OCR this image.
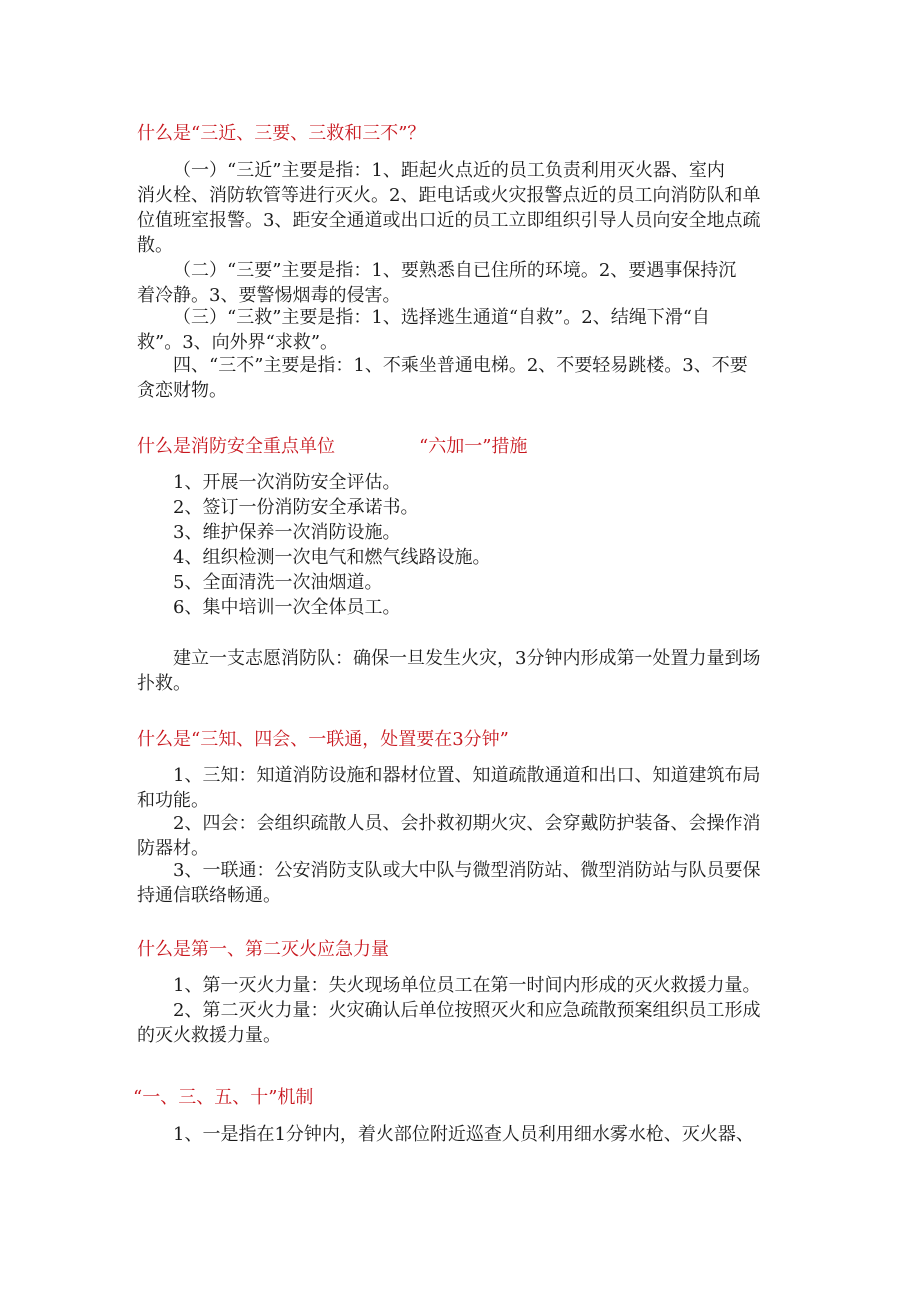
什么是“三近、三要、三救和三不”？
（一）“三近”主要是指：1、距起火点近的员工负责利用灭火器、室内
消火栓、消防软管等进行灭火。2、距电话或火灾报警点近的员工向消防队和单
位值班室报警。3、距安全通道或出口近的员工立即组织引导人员向安全地点疏
散。
（二）“三要”主要是指：1、要熟悉自已住所的环境。2、要遇事保持沉
着冷静。3、要警惕烟毒的侵害。
（三）“三救”主要是指：1、选择逃生通道“自救”。2、结绳下滑“自
救”。3、向外界“求救”。
四、“三不”主要是指：1、不乘坐普通电梯。2、不要轻易跳楼。3、不要
贪恋财物。
什么是消防安全重点单位	“六加一”措施
1、开展一次消防安全评估。
2、签订一份消防安全承诺书。
3、维护保养一次消防设施。
4、组织检测一次电气和燃气线路设施。
5、全面清洗一次油烟道。
6、集中培训一次全体员工。
建立一支志愿消防队：确保一旦发生火灾，3分钟内形成第一处置力量到场
扑救。
什么是“三知、四会、一联通，处置要在3分钟”
1、三知：知道消防设施和器材位置、知道疏散通道和出口、知道建筑布局
和功能。
2、四会：会组织疏散人员、会扑救初期火灾、会穿戴防护装备、会操作消
防器材。
3、一联通：公安消防支队或大中队与微型消防站、微型消防站与队员要保
持通信联络畅通。
什么是第一、第二灭火应急力量
1、第一灭火力量：失火现场单位员工在第一时间内形成的灭火救援力量。
2、第二灭火力量：火灾确认后单位按照灭火和应急疏散预案组织员工形成
的灭火救援力量。
“一、三、五、十”机制
1、一是指在1分钟内，着火部位附近巡查人员利用细水雾水枪、灭火器、
